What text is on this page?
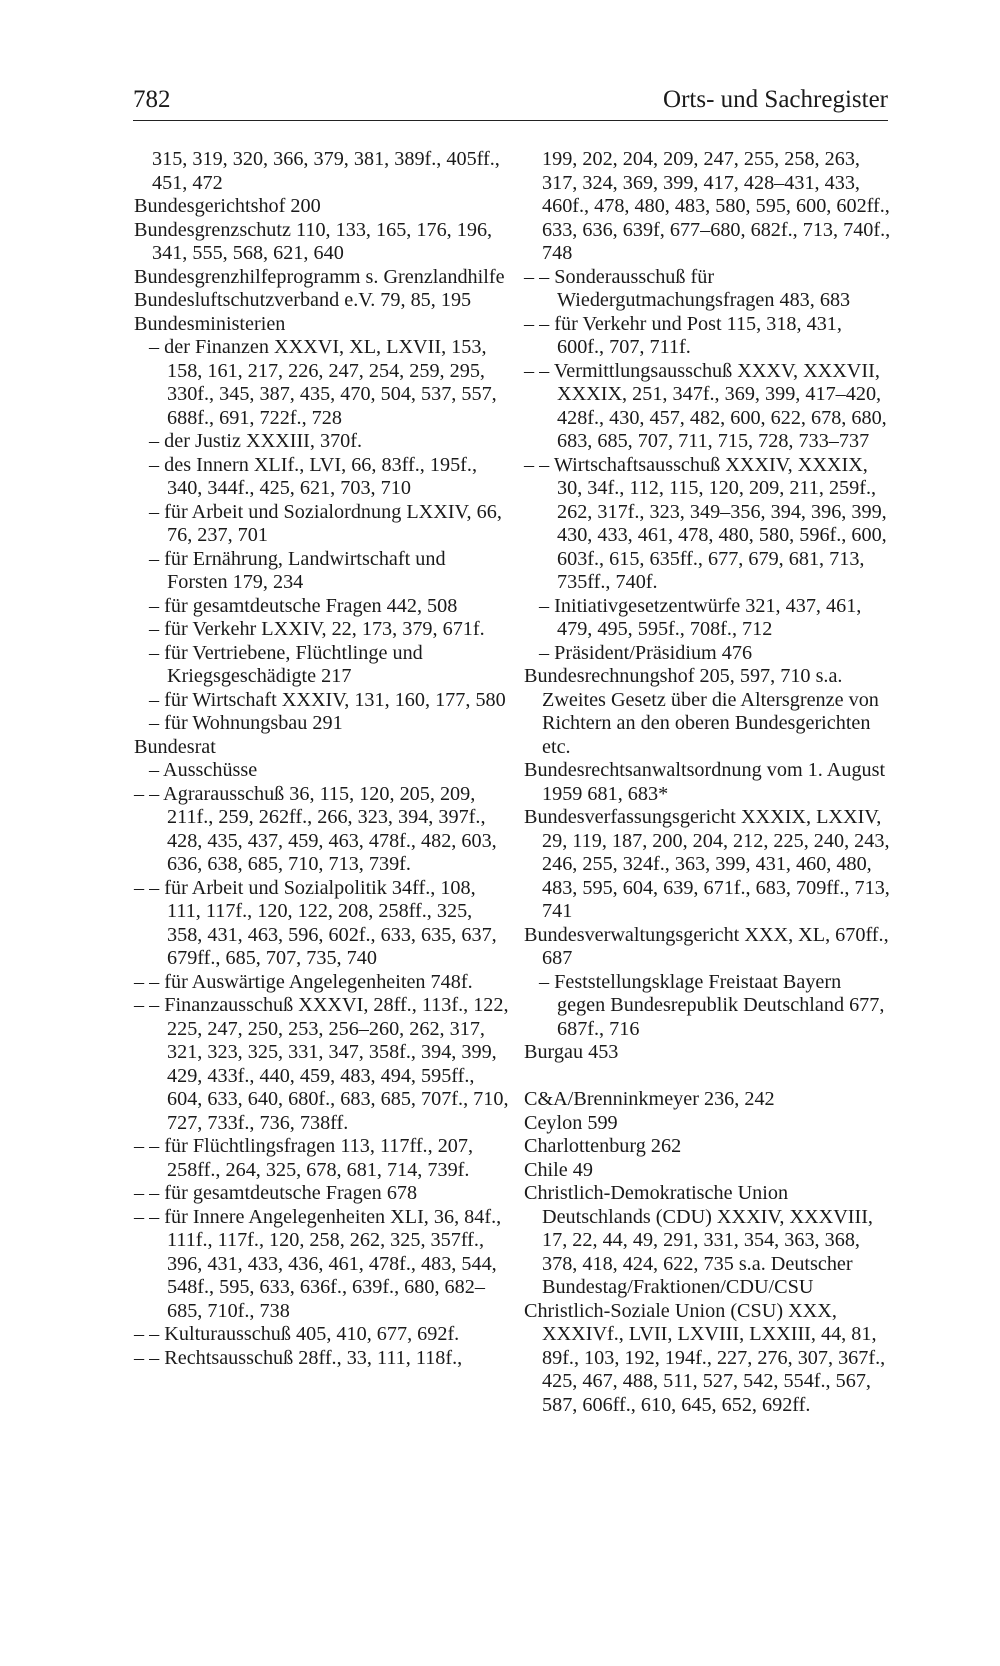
782	Orts- und Sachregister
315, 319, 320, 366, 379, 381, 389f., 405ff., 451, 472
Bundesgerichtshof 200
Bundesgrenzschutz 110, 133, 165, 176, 196, 341, 555, 568, 621, 640
Bundesgrenzhilfeprogramm s. Grenzlandhilfe
Bundesluftschutzverband e.V. 79, 85, 195
Bundesministerien
– der Finanzen XXXVI, XL, LXVII, 153, 158, 161, 217, 226, 247, 254, 259, 295, 330f., 345, 387, 435, 470, 504, 537, 557, 688f., 691, 722f., 728
– der Justiz XXXIII, 370f.
– des Innern XLIf., LVI, 66, 83ff., 195f., 340, 344f., 425, 621, 703, 710
– für Arbeit und Sozialordnung LXXIV, 66, 76, 237, 701
– für Ernährung, Landwirtschaft und Forsten 179, 234
– für gesamtdeutsche Fragen 442, 508
– für Verkehr LXXIV, 22, 173, 379, 671f.
– für Vertriebene, Flüchtlinge und Kriegsgeschädigte 217
– für Wirtschaft XXXIV, 131, 160, 177, 580
– für Wohnungsbau 291
Bundesrat
– Ausschüsse
– – Agrarausschuß 36, 115, 120, 205, 209, 211f., 259, 262ff., 266, 323, 394, 397f., 428, 435, 437, 459, 463, 478f., 482, 603, 636, 638, 685, 710, 713, 739f.
– – für Arbeit und Sozialpolitik 34ff., 108, 111, 117f., 120, 122, 208, 258ff., 325, 358, 431, 463, 596, 602f., 633, 635, 637, 679ff., 685, 707, 735, 740
– – für Auswärtige Angelegenheiten 748f.
– – Finanzausschuß XXXVI, 28ff., 113f., 122, 225, 247, 250, 253, 256–260, 262, 317, 321, 323, 325, 331, 347, 358f., 394, 399, 429, 433f., 440, 459, 483, 494, 595ff., 604, 633, 640, 680f., 683, 685, 707f., 710, 727, 733f., 736, 738ff.
– – für Flüchtlingsfragen 113, 117ff., 207, 258ff., 264, 325, 678, 681, 714, 739f.
– – für gesamtdeutsche Fragen 678
– – für Innere Angelegenheiten XLI, 36, 84f., 111f., 117f., 120, 258, 262, 325, 357ff., 396, 431, 433, 436, 461, 478f., 483, 544, 548f., 595, 633, 636f., 639f., 680, 682–685, 710f., 738
– – Kulturausschuß 405, 410, 677, 692f.
– – Rechtsausschuß 28ff., 33, 111, 118f.,
199, 202, 204, 209, 247, 255, 258, 263, 317, 324, 369, 399, 417, 428–431, 433, 460f., 478, 480, 483, 580, 595, 600, 602ff., 633, 636, 639f, 677–680, 682f., 713, 740f., 748
– – Sonderausschuß für Wiedergutmachungsfragen 483, 683
– – für Verkehr und Post 115, 318, 431, 600f., 707, 711f.
– – Vermittlungsausschuß XXXV, XXXVII, XXXIX, 251, 347f., 369, 399, 417–420, 428f., 430, 457, 482, 600, 622, 678, 680, 683, 685, 707, 711, 715, 728, 733–737
– – Wirtschaftsausschuß XXXIV, XXXIX, 30, 34f., 112, 115, 120, 209, 211, 259f., 262, 317f., 323, 349–356, 394, 396, 399, 430, 433, 461, 478, 480, 580, 596f., 600, 603f., 615, 635ff., 677, 679, 681, 713, 735ff., 740f.
– Initiativgesetzentwürfe 321, 437, 461, 479, 495, 595f., 708f., 712
– Präsident/Präsidium 476
Bundesrechnungshof 205, 597, 710 s.a. Zweites Gesetz über die Altersgrenze von Richtern an den oberen Bundesgerichten etc.
Bundesrechtsanwaltsordnung vom 1. August 1959 681, 683*
Bundesverfassungsgericht XXXIX, LXXIV, 29, 119, 187, 200, 204, 212, 225, 240, 243, 246, 255, 324f., 363, 399, 431, 460, 480, 483, 595, 604, 639, 671f., 683, 709ff., 713, 741
Bundesverwaltungsgericht XXX, XL, 670ff., 687
– Feststellungsklage Freistaat Bayern gegen Bundesrepublik Deutschland 677, 687f., 716
Burgau 453
C&A/Brenninkmeyer 236, 242
Ceylon 599
Charlottenburg 262
Chile 49
Christlich-Demokratische Union Deutschlands (CDU) XXXIV, XXXVIII, 17, 22, 44, 49, 291, 331, 354, 363, 368, 378, 418, 424, 622, 735 s.a. Deutscher Bundestag/Fraktionen/CDU/CSU
Christlich-Soziale Union (CSU) XXX, XXXIVf., LVII, LXVIII, LXXIII, 44, 81, 89f., 103, 192, 194f., 227, 276, 307, 367f., 425, 467, 488, 511, 527, 542, 554f., 567, 587, 606ff., 610, 645, 652, 692ff.
